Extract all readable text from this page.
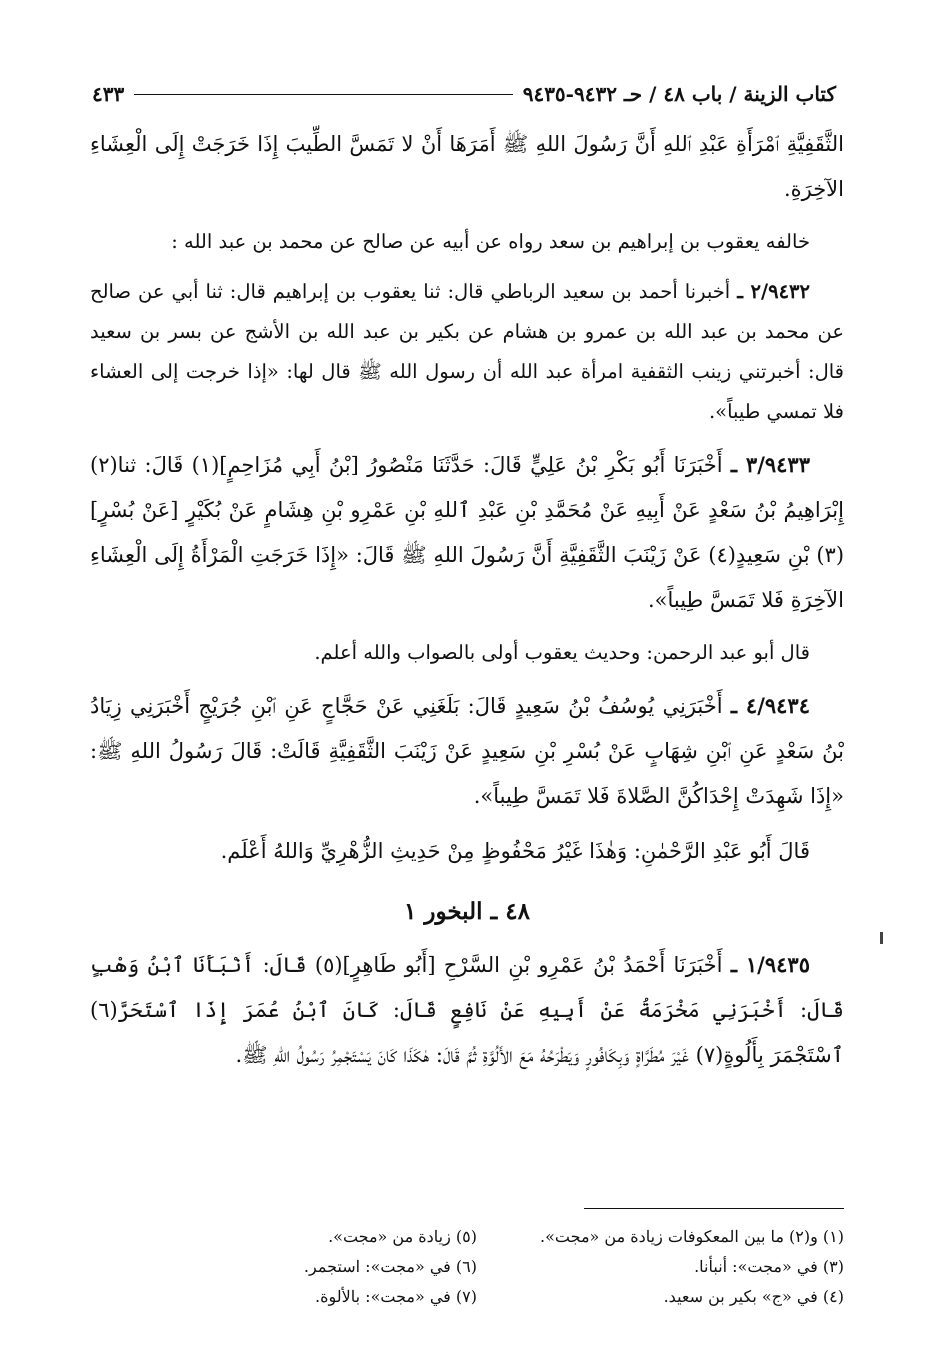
كتاب الزينة / باب ٤٨ / حـ ٩٤٣٢-٩٤٣٥
٤٣٣

الثَّقَفِيَّةِ ٱمْرَأَةِ عَبْدِ ٱللهِ أَنَّ رَسُولَ اللهِ ﷺ أَمَرَهَا أَنْ لا تَمَسَّ الطِّيبَ إِذَا خَرَجَتْ إِلَى الْعِشَاءِ الآخِرَةِ.

خالفه يعقوب بن إبراهيم بن سعد رواه عن أبيه عن صالح عن محمد بن عبد الله :

٢/٩٤٣٢ ـ أخبرنا أحمد بن سعيد الرباطي قال: ثنا يعقوب بن إبراهيم قال: ثنا أبي عن صالح عن محمد بن عبد الله بن عمرو بن هشام عن بكير بن عبد الله بن الأشج عن بسر بن سعيد قال: أخبرتني زينب الثقفية امرأة عبد الله أن رسول الله ﷺ قال لها: «إذا خرجت إلى العشاء فلا تمسي طيباً».

٣/٩٤٣٣ ـ أَخْبَرَنَا أَبُو بَكْرِ بْنُ عَلِيٍّ قَالَ: حَدَّثَنَا مَنْصُورُ [بْنُ أَبِي مُزَاحِمٍ](١) قَالَ: ثنا(٢) إِبْرَاهِيمُ بْنُ سَعْدٍ عَنْ أَبِيهِ عَنْ مُحَمَّدِ بْنِ عَبْدِ ٱللهِ بْنِ عَمْرِو بْنِ هِشَامٍ عَنْ بُكَيْرٍ [عَنْ بُسْرٍ](٣) بْنِ سَعِيدٍ(٤) عَنْ زَيْنَبَ الثَّقَفِيَّةِ أَنَّ رَسُولَ اللهِ ﷺ قَالَ: «إِذَا خَرَجَتِ الْمَرْأَةُ إِلَى الْعِشَاءِ الآخِرَةِ فَلا تَمَسَّ طِيباً».

قال أبو عبد الرحمن: وحديث يعقوب أولى بالصواب والله أعلم.

٤/٩٤٣٤ ـ أَخْبَرَنِي يُوسُفُ بْنُ سَعِيدٍ قَالَ: بَلَغَنِي عَنْ حَجَّاجٍ عَنِ ٱبْنِ جُرَيْجٍ أَخْبَرَنِي زِيَادُ بْنُ سَعْدٍ عَنِ ٱبْنِ شِهَابٍ عَنْ بُسْرِ بْنِ سَعِيدٍ عَنْ زَيْنَبَ الثَّقَفِيَّةِ قَالَتْ: قَالَ رَسُولُ اللهِ ﷺ: «إِذَا شَهِدَتْ إِحْدَاكُنَّ الصَّلاةَ فَلا تَمَسَّ طِيباً».

قَالَ أَبُو عَبْدِ الرَّحْمٰنِ: وَهٰذَا غَيْرُ مَحْفُوظٍ مِنْ حَدِيثِ الزُّهْرِيِّ وَاللهُ أَعْلَم.

٤٨ ـ البخور ١

١/٩٤٣٥ ـ أَخْبَرَنَا أَحْمَدُ بْنُ عَمْرِو بْنِ السَّرْحِ [أَبُو طَاهِرٍ](٥) قَالَ: أَنْبَأَنَا ٱبْنُ وَهْبٍ قَالَ: أَخْبَرَنِي مَخْرَمَةُ عَنْ أَبِيهِ عَنْ نَافِعٍ قَالَ: كَانَ ٱبْنُ عُمَرَ إِذَا ٱسْتَحَرَّ(٦) ٱسْتَجْمَرَ بِأَلُوةٍ(٧) غَيْرَ مُطَرَّاةٍ وَبِكَافُورٍ وَيَطْرَحُهُ مَعَ الأَلُوَّةِ ثُمَّ قَالَ: هٰكَذَا كَانَ يَسْتَجْمِرُ رَسُولُ اللهِ ﷺ.

(١) و(٢) ما بين المعكوفات زيادة من «مجت».
(٣) في «مجت»: أنبأنا.
(٤) في «ج» بكير بن سعيد.
(٥) زيادة من «مجت».
(٦) في «مجت»: استجمر.
(٧) في «مجت»: بالألوة.
